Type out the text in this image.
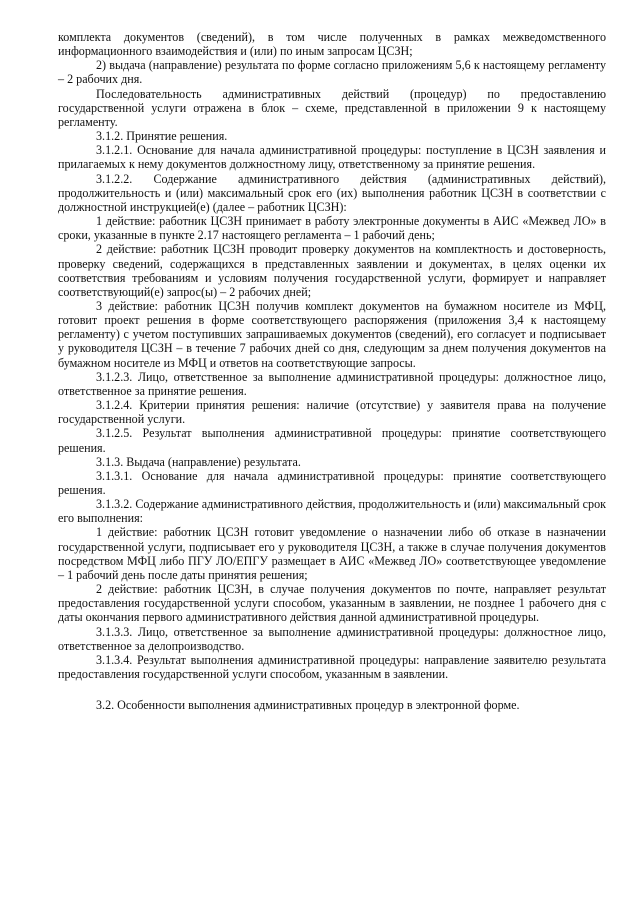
комплекта документов (сведений), в том числе полученных в рамках межведомственного информационного взаимодействия и (или) по иным запросам ЦСЗН;

2) выдача (направление) результата по форме согласно приложениям 5,6 к настоящему регламенту – 2 рабочих дня.

Последовательность административных действий (процедур) по предоставлению государственной услуги отражена в блок – схеме, представленной в приложении 9 к настоящему регламенту.

3.1.2. Принятие решения.

3.1.2.1. Основание для начала административной процедуры: поступление в ЦСЗН заявления и прилагаемых к нему документов должностному лицу, ответственному за принятие решения.

3.1.2.2. Содержание административного действия (административных действий), продолжительность и (или) максимальный срок его (их) выполнения работник ЦСЗН в соответствии с должностной инструкцией(е) (далее – работник ЦСЗН):

1 действие: работник ЦСЗН принимает в работу электронные документы в АИС «Межвед ЛО» в сроки, указанные в пункте 2.17 настоящего регламента – 1 рабочий день;

2 действие: работник ЦСЗН проводит проверку документов на комплектность и достоверность, проверку сведений, содержащихся в представленных заявлении и документах, в целях оценки их соответствия требованиям и условиям получения государственной услуги, формирует и направляет соответствующий(е) запрос(ы) – 2 рабочих дней;

3 действие: работник ЦСЗН получив комплект документов на бумажном носителе из МФЦ, готовит проект решения в форме соответствующего распоряжения (приложения 3,4 к настоящему регламенту) с учетом поступивших запрашиваемых документов (сведений), его согласует и подписывает у руководителя ЦСЗН – в течение 7 рабочих дней со дня, следующим за днем получения документов на бумажном носителе из МФЦ и ответов на соответствующие запросы.

3.1.2.3. Лицо, ответственное за выполнение административной процедуры: должностное лицо, ответственное за принятие решения.

3.1.2.4. Критерии принятия решения: наличие (отсутствие) у заявителя права на получение государственной услуги.

3.1.2.5. Результат выполнения административной процедуры: принятие соответствующего решения.

3.1.3. Выдача (направление) результата.

3.1.3.1. Основание для начала административной процедуры: принятие соответствующего решения.

3.1.3.2. Содержание административного действия, продолжительность и (или) максимальный срок его выполнения:

1 действие: работник ЦСЗН готовит уведомление о назначении либо об отказе в назначении государственной услуги, подписывает его у руководителя ЦСЗН, а также в случае получения документов посредством МФЦ либо ПГУ ЛО/ЕПГУ размещает в АИС «Межвед ЛО» соответствующее уведомление – 1 рабочий день после даты принятия решения;

2 действие: работник ЦСЗН, в случае получения документов по почте, направляет результат предоставления государственной услуги способом, указанным в заявлении, не позднее 1 рабочего дня с даты окончания первого административного действия данной административной процедуры.

3.1.3.3. Лицо, ответственное за выполнение административной процедуры: должностное лицо, ответственное за делопроизводство.

3.1.3.4. Результат выполнения административной процедуры: направление заявителю результата предоставления государственной услуги способом, указанным в заявлении.

3.2. Особенности выполнения административных процедур в электронной форме.
